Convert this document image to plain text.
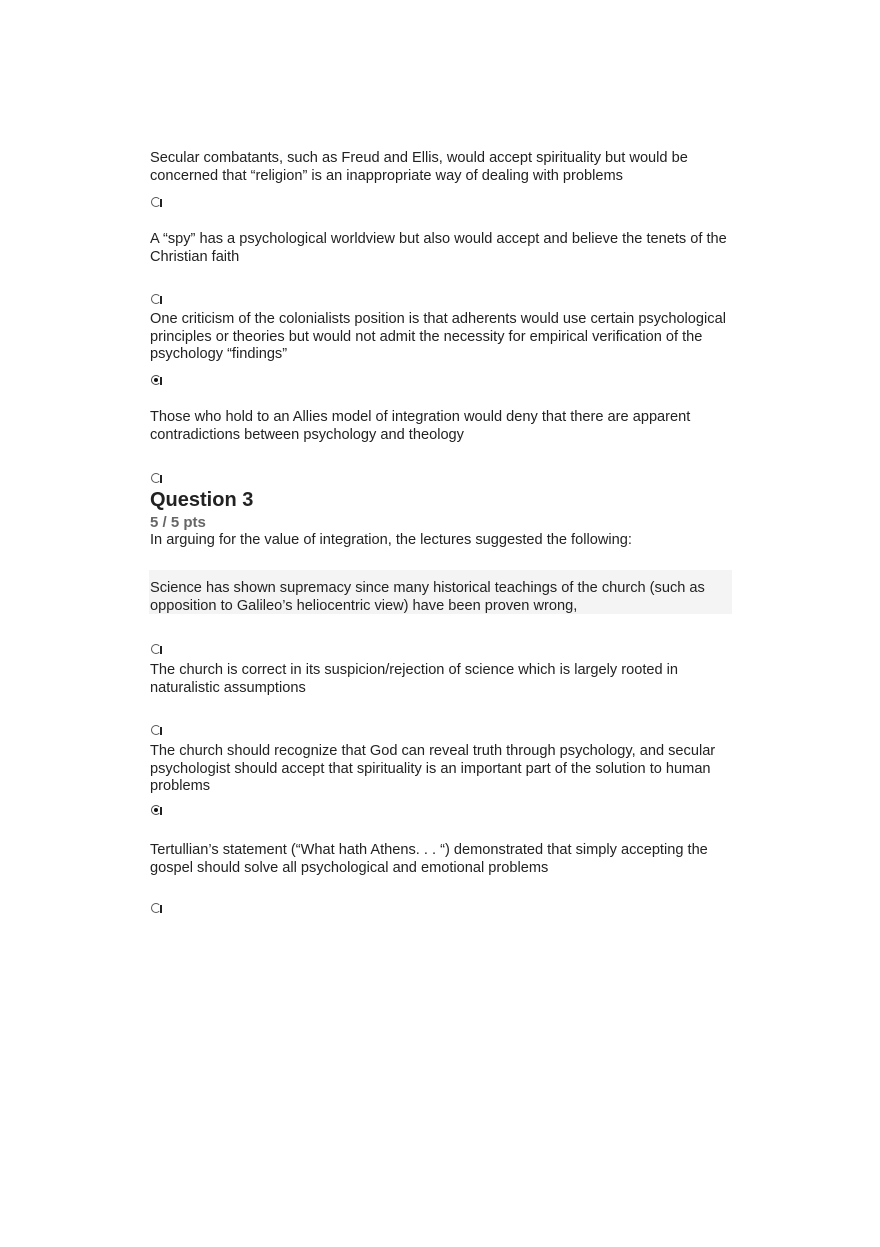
Secular combatants, such as Freud and Ellis, would accept spirituality but would be concerned that “religion” is an inappropriate way of dealing with problems
A “spy” has a psychological worldview but also would accept and believe the tenets of the Christian faith
One criticism of the colonialists position is that adherents would use certain psychological principles or theories but would not admit the necessity for empirical verification of the psychology “findings”
Those who hold to an Allies model of integration would deny that there are apparent contradictions between psychology and theology
Question 3
5 / 5 pts
In arguing for the value of integration, the lectures suggested the following:
Science has shown supremacy since many historical teachings of the church (such as opposition to Galileo’s heliocentric view) have been proven wrong,
The church is correct in its suspicion/rejection of science which is largely rooted in naturalistic assumptions
The church should recognize that God can reveal truth through psychology, and secular psychologist should accept that spirituality is an important part of the solution to human problems
Tertullian’s statement (“What hath Athens. . . “) demonstrated that simply accepting the gospel should solve all psychological and emotional problems
